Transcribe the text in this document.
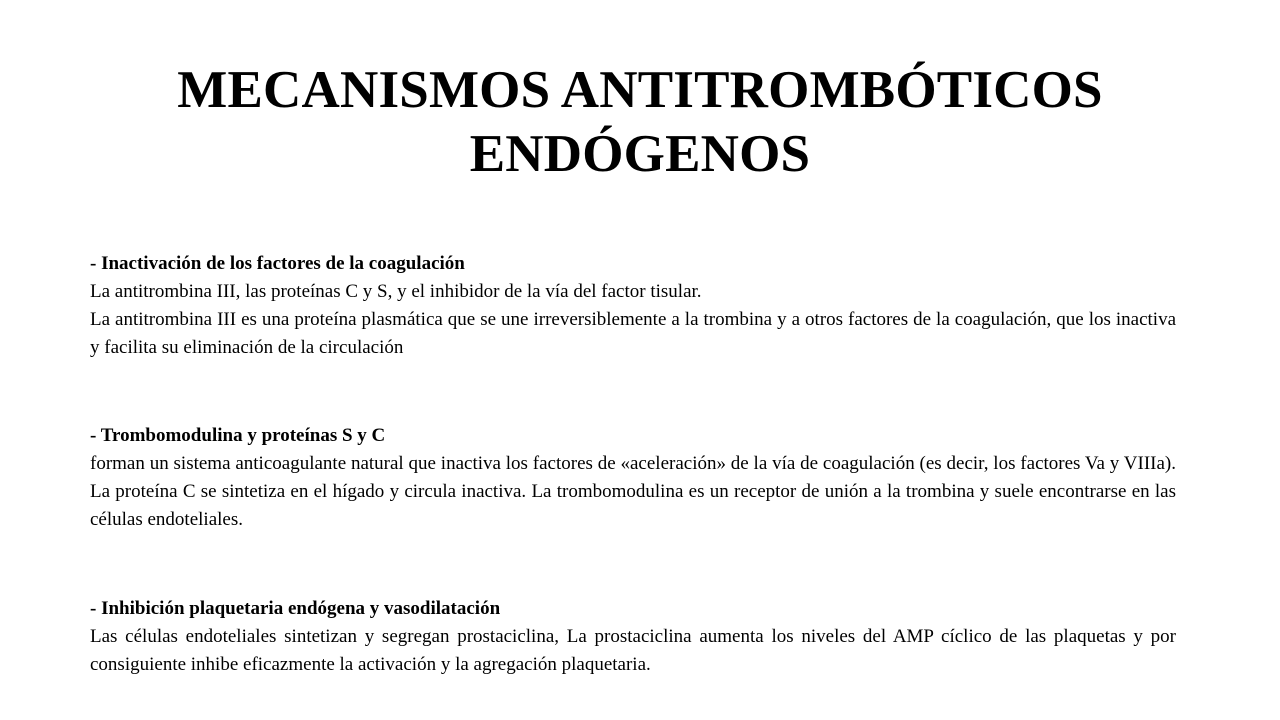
MECANISMOS ANTITROMBÓTICOS
ENDÓGENOS
- Inactivación de los factores de la coagulación

La antitrombina III, las proteínas C y S, y el inhibidor de la vía del factor tisular.

La antitrombina III es una proteína plasmática que se une irreversiblemente a la trombina y a otros factores de la coagulación, que los inactiva y facilita su eliminación de la circulación

- Trombomodulina y proteínas S y C

forman un sistema anticoagulante natural que inactiva los factores de «aceleración» de la vía de coagulación (es decir, los factores Va y VIIIa). La proteína C se sintetiza en el hígado y circula inactiva. La trombomodulina es un receptor de unión a la trombina y suele encontrarse en las células endoteliales.

- Inhibición plaquetaria endógena y vasodilatación

Las células endoteliales sintetizan y segregan prostaciclina, La prostaciclina aumenta los niveles del AMP cíclico de las plaquetas y por consiguiente inhibe eficazmente la activación y la agregación plaquetaria.
